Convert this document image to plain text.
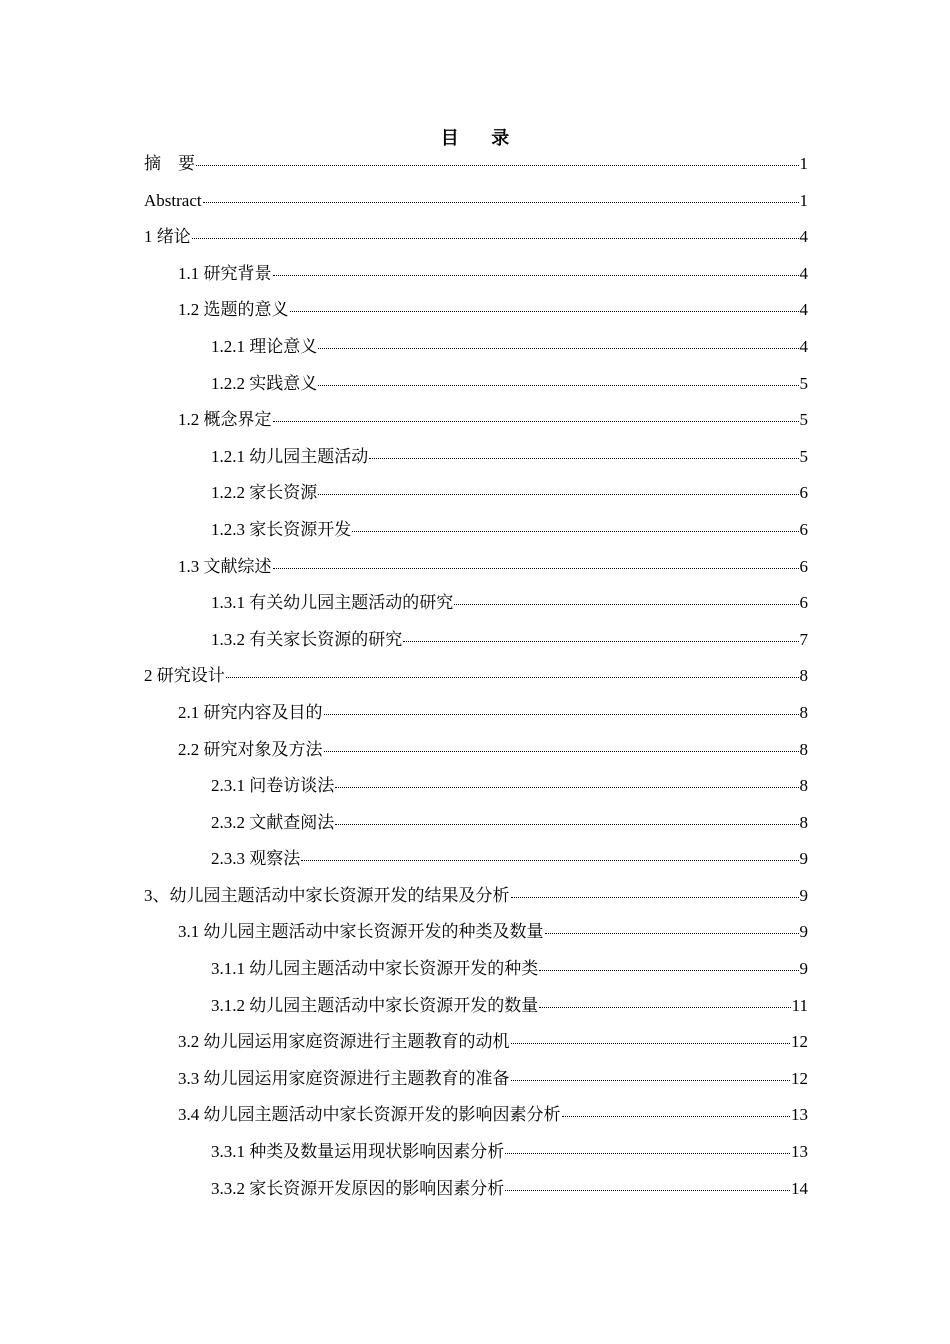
目 录
摘　要	1
Abstract	1
1 绪论	4
1.1 研究背景	4
1.2 选题的意义	4
1.2.1 理论意义	4
1.2.2 实践意义	5
1.2 概念界定	5
1.2.1 幼儿园主题活动	5
1.2.2 家长资源	6
1.2.3 家长资源开发	6
1.3 文献综述	6
1.3.1 有关幼儿园主题活动的研究	6
1.3.2 有关家长资源的研究	7
2 研究设计	8
2.1 研究内容及目的	8
2.2 研究对象及方法	8
2.3.1 问卷访谈法	8
2.3.2 文献查阅法	8
2.3.3 观察法	9
3、幼儿园主题活动中家长资源开发的结果及分析	9
3.1 幼儿园主题活动中家长资源开发的种类及数量	9
3.1.1 幼儿园主题活动中家长资源开发的种类	9
3.1.2 幼儿园主题活动中家长资源开发的数量	11
3.2 幼儿园运用家庭资源进行主题教育的动机	12
3.3 幼儿园运用家庭资源进行主题教育的准备	12
3.4 幼儿园主题活动中家长资源开发的影响因素分析	13
3.3.1 种类及数量运用现状影响因素分析	13
3.3.2 家长资源开发原因的影响因素分析	14
